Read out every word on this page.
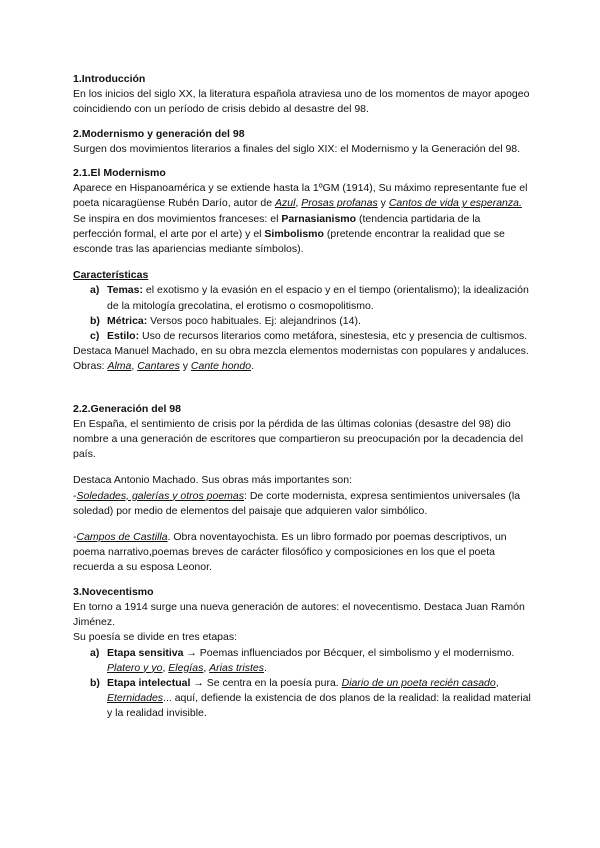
1.Introducción

En los inicios del siglo XX, la literatura española atraviesa uno de los momentos de mayor apogeo coincidiendo con un período de crisis debido al desastre del 98.

2.Modernismo y generación del 98

Surgen dos movimientos literarios a finales del siglo XIX: el Modernismo y la Generación del 98.

2.1.El Modernismo

Aparece en Hispanoamérica y se extiende hasta la 1ºGM (1914), Su máximo representante fue el poeta nicaragüense Rubén Darío, autor de Azul, Prosas profanas y Cantos de vida y esperanza.

Se inspira en dos movimientos franceses: el Parnasianismo (tendencia partidaria de la perfección formal, el arte por el arte) y el Simbolismo (pretende encontrar la realidad que se esconde tras las apariencias mediante símbolos).

Características

a) Temas: el exotismo y la evasión en el espacio y en el tiempo (orientalismo); la idealización de la mitología grecolatina, el erotismo o cosmopolitismo.
b) Métrica: Versos poco habituales. Ej: alejandrinos (14).
c) Estilo: Uso de recursos literarios como metáfora, sinestesia, etc y presencia de cultismos.

Destaca Manuel Machado, en su obra mezcla elementos modernistas con populares y andaluces. Obras: Alma, Cantares y Cante hondo.

2.2.Generación del 98

En España, el sentimiento de crisis por la pérdida de las últimas colonias (desastre del 98) dio nombre a una generación de escritores que compartieron su preocupación por la decadencia del país.

Destaca Antonio Machado. Sus obras más importantes son:

-Soledades, galerías y otros poemas: De corte modernista, expresa sentimientos universales (la soledad) por medio de elementos del paisaje que adquieren valor simbólico.

-Campos de Castilla. Obra noventayochista. Es un libro formado por poemas descriptivos, un poema narrativo,poemas breves de carácter filosófico y composiciones en los que el poeta recuerda a su esposa Leonor.

3.Novecentismo

En torno a 1914 surge una nueva generación de autores: el novecentismo. Destaca Juan Ramón Jiménez.

Su poesía se divide en tres etapas:

a) Etapa sensitiva → Poemas influenciados por Bécquer, el simbolismo y el modernismo. Platero y yo, Elegías, Arias tristes.
b) Etapa intelectual → Se centra en la poesía pura. Diario de un poeta recién casado, Eternidades... aquí, defiende la existencia de dos planos de la realidad: la realidad material y la realidad invisible.
